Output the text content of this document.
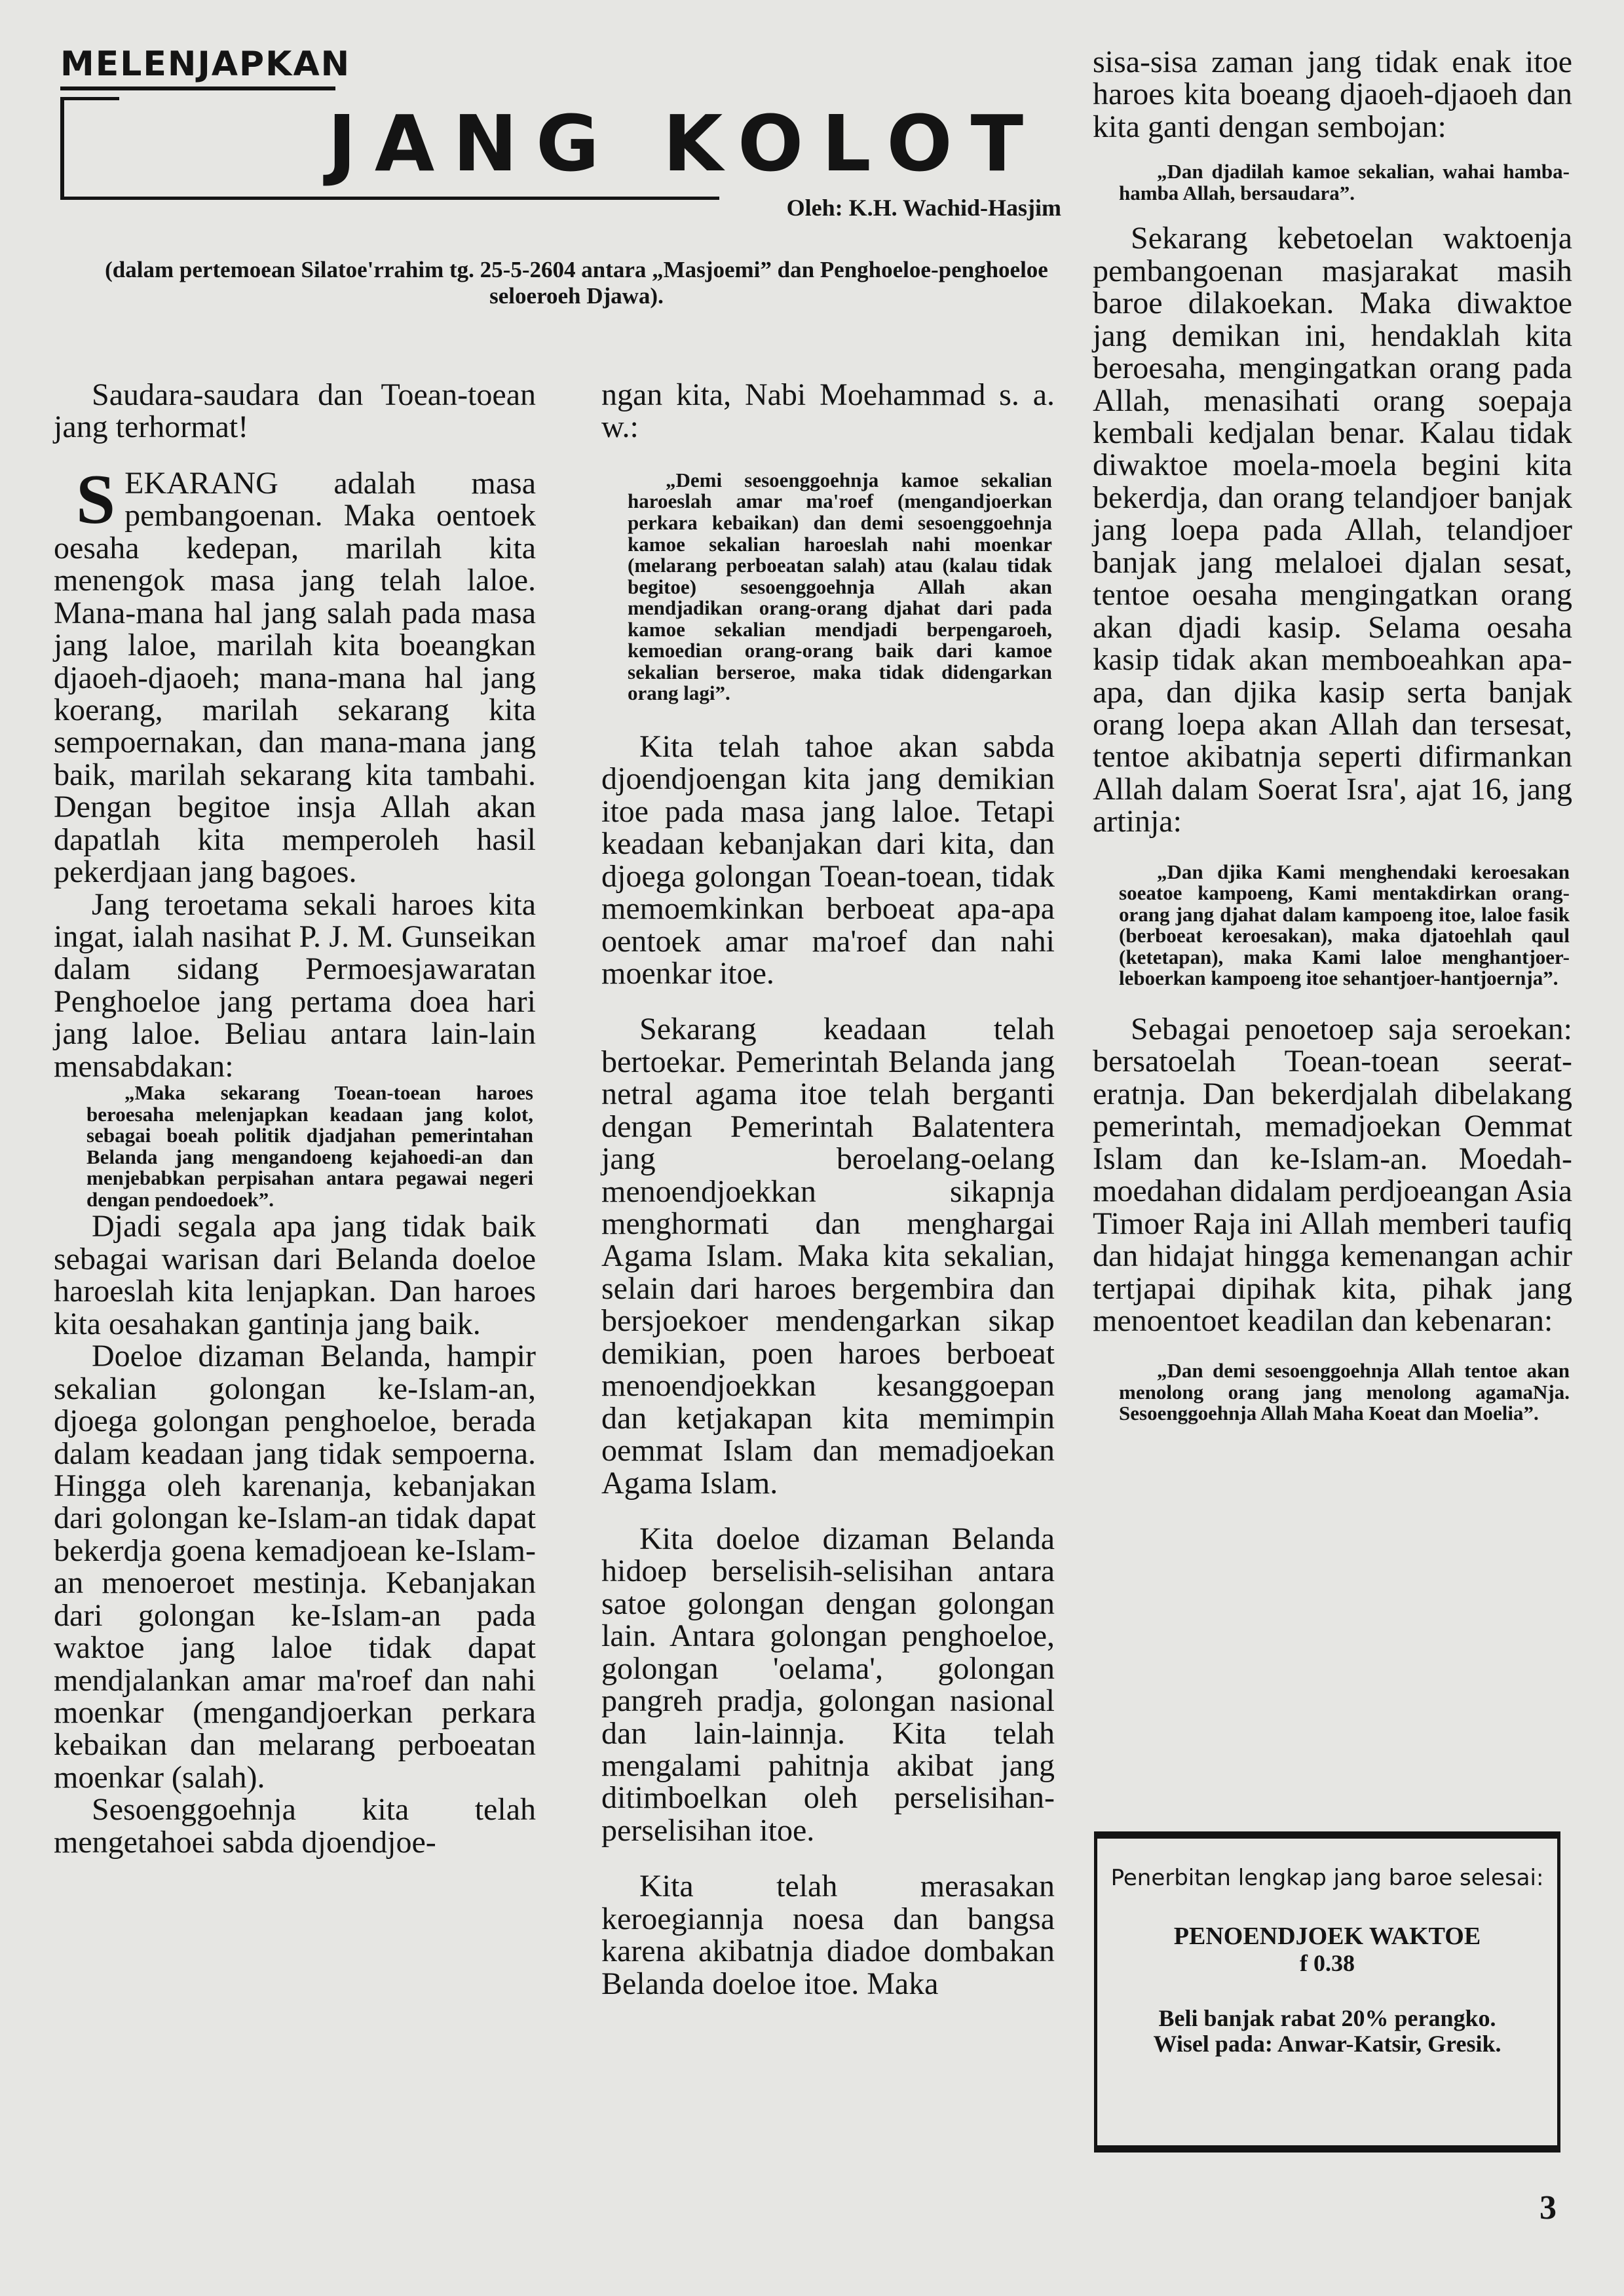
MELENJAPKAN
JANG KOLOT
Oleh: K.H. Wachid-Hasjim
(dalam pertemoean Silatoe'rrahim tg. 25-5-2604 antara „Masjoemi” dan Penghoeloe-penghoeloe seloeroeh Djawa).

Saudara-saudara dan Toean-toean jang terhormat!

SEKARANG adalah masa pembangoenan. Maka oentoek oesaha kedepan, marilah kita menengok masa jang telah laloe. Mana-mana hal jang salah pada masa jang laloe, marilah kita boeangkan djaoeh-djaoeh; mana-mana hal jang koerang, marilah sekarang kita sempoernakan, dan mana-mana jang baik, marilah sekarang kita tambahi. Dengan begitoe insja Allah akan dapatlah kita memperoleh hasil pekerdjaan jang bagoes.

Jang teroetama sekali haroes kita ingat, ialah nasihat P. J. M. Gunseikan dalam sidang Permoesjawaratan Penghoeloe jang pertama doea hari jang laloe. Beliau antara lain-lain mensabdakan:

„Maka sekarang Toean-toean haroes beroesaha melenjapkan keadaan jang kolot, sebagai boeah politik djadjahan pemerintahan Belanda jang mengandoeng kejahoedi-an dan menjebabkan perpisahan antara pegawai negeri dengan pendoedoek”.

Djadi segala apa jang tidak baik sebagai warisan dari Belanda doeloe haroeslah kita lenjapkan. Dan haroes kita oesahakan gantinja jang baik.

Doeloe dizaman Belanda, hampir sekalian golongan ke-Islam-an, djoega golongan penghoeloe, berada dalam keadaan jang tidak sempoerna. Hingga oleh karenanja, kebanjakan dari golongan ke-Islam-an tidak dapat bekerdja goena kemadjoean ke-Islam-an menoeroet mestinja. Kebanjakan dari golongan ke-Islam-an pada waktoe jang laloe tidak dapat mendjalankan amar ma'roef dan nahi moenkar (mengandjoerkan perkara kebaikan dan melarang perboeatan moenkar (salah).

Sesoenggoehnja kita telah mengetahoei sabda djoendjoe-

ngan kita, Nabi Moehammad s. a. w.:

„Demi sesoenggoehnja kamoe sekalian haroeslah amar ma'roef (mengandjoerkan perkara kebaikan) dan demi sesoenggoehnja kamoe sekalian haroeslah nahi moenkar (melarang perboeatan salah) atau (kalau tidak begitoe) sesoenggoehnja Allah akan mendjadikan orang-orang djahat dari pada kamoe sekalian mendjadi berpengaroeh, kemoedian orang-orang baik dari kamoe sekalian berseroe, maka tidak didengarkan orang lagi”.

Kita telah tahoe akan sabda djoendjoengan kita jang demikian itoe pada masa jang laloe. Tetapi keadaan kebanjakan dari kita, dan djoega golongan Toean-toean, tidak memoemkinkan berboeat apa-apa oentoek amar ma'roef dan nahi moenkar itoe.

Sekarang keadaan telah bertoekar. Pemerintah Belanda jang netral agama itoe telah berganti dengan Pemerintah Balatentera jang beroelang-oelang menoendjoekkan sikapnja menghormati dan menghargai Agama Islam. Maka kita sekalian, selain dari haroes bergembira dan bersjoekoer mendengarkan sikap demikian, poen haroes berboeat menoendjoekkan kesanggoepan dan ketjakapan kita memimpin oemmat Islam dan memadjoekan Agama Islam.

Kita doeloe dizaman Belanda hidoep berselisih-selisihan antara satoe golongan dengan golongan lain. Antara golongan penghoeloe, golongan 'oelama', golongan pangreh pradja, golongan nasional dan lain-lainnja. Kita telah mengalami pahitnja akibat jang ditimboelkan oleh perselisihan-perselisihan itoe.

Kita telah merasakan keroegiannja noesa dan bangsa karena akibatnja diadoe dombakan Belanda doeloe itoe. Maka

sisa-sisa zaman jang tidak enak itoe haroes kita boeang djaoeh-djaoeh dan kita ganti dengan sembojan:

„Dan djadilah kamoe sekalian, wahai hamba-hamba Allah, bersaudara”.

Sekarang kebetoelan waktoenja pembangoenan masjarakat masih baroe dilakoekan. Maka diwaktoe jang demikan ini, hendaklah kita beroesaha, mengingatkan orang pada Allah, menasihati orang soepaja kembali kedjalan benar. Kalau tidak diwaktoe moela-moela begini kita bekerdja, dan orang telandjoer banjak jang loepa pada Allah, telandjoer banjak jang melaloei djalan sesat, tentoe oesaha mengingatkan orang akan djadi kasip. Selama oesaha kasip tidak akan memboeahkan apa-apa, dan djika kasip serta banjak orang loepa akan Allah dan tersesat, tentoe akibatnja seperti difirmankan Allah dalam Soerat Isra', ajat 16, jang artinja:

„Dan djika Kami menghendaki keroesakan soeatoe kampoeng, Kami mentakdirkan orang-orang jang djahat dalam kampoeng itoe, laloe fasik (berboeat keroesakan), maka djatoehlah qaul (ketetapan), maka Kami laloe menghantjoer-leboerkan kampoeng itoe sehantjoer-hantjoernja”.

Sebagai penoetoep saja seroekan: bersatoelah Toean-toean seerat-eratnja. Dan bekerdjalah dibelakang pemerintah, memadjoekan Oemmat Islam dan ke-Islam-an. Moedah-moedahan didalam perdjoeangan Asia Timoer Raja ini Allah memberi taufiq dan hidajat hingga kemenangan achir tertjapai dipihak kita, pihak jang menoentoet keadilan dan kebenaran:

„Dan demi sesoenggoehnja Allah tentoe akan menolong orang jang menolong agamaNja. Sesoenggoehnja Allah Maha Koeat dan Moelia”.

Penerbitan lengkap jang baroe selesai:
PENOENDJOEK WAKTOE
f 0.38
Beli banjak rabat 20% perangko.
Wisel pada: Anwar-Katsir, Gresik.
3
